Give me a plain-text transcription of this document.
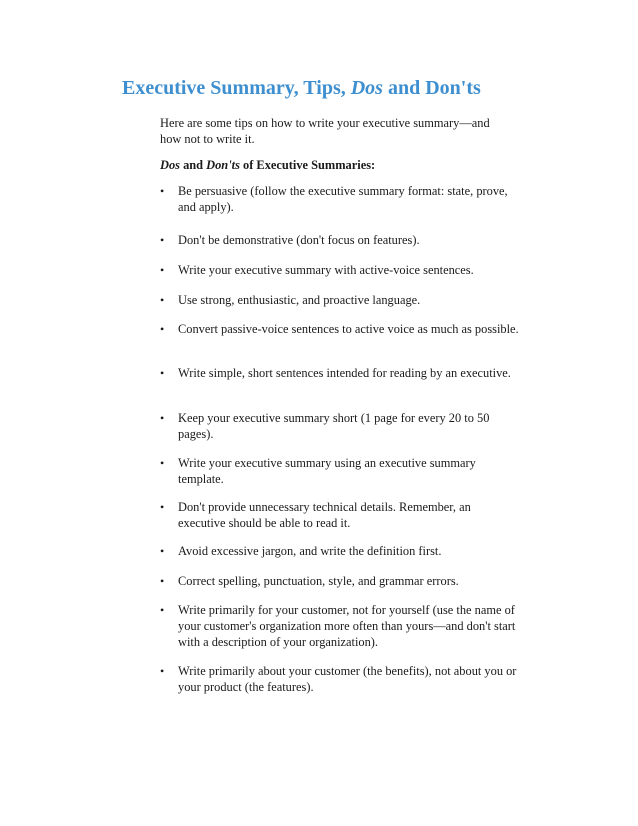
Executive Summary, Tips, Dos and Don'ts

Here are some tips on how to write your executive summary—and how not to write it.

Dos and Don'ts of Executive Summaries:
•	Be persuasive (follow the executive summary format: state, prove, and apply).
•	Don't be demonstrative (don't focus on features).
•	Write your executive summary with active-voice sentences.
•	Use strong, enthusiastic, and proactive language.
•	Convert passive-voice sentences to active voice as much as possible.
•	Write simple, short sentences intended for reading by an executive.
•	Keep your executive summary short (1 page for every 20 to 50 pages).
•	Write your executive summary using an executive summary template.
•	Don't provide unnecessary technical details. Remember, an executive should be able to read it.
•	Avoid excessive jargon, and write the definition first.
•	Correct spelling, punctuation, style, and grammar errors.
•	Write primarily for your customer, not for yourself (use the name of your customer's organization more often than yours—and don't start with a description of your organization).
•	Write primarily about your customer (the benefits), not about you or your product (the features).
